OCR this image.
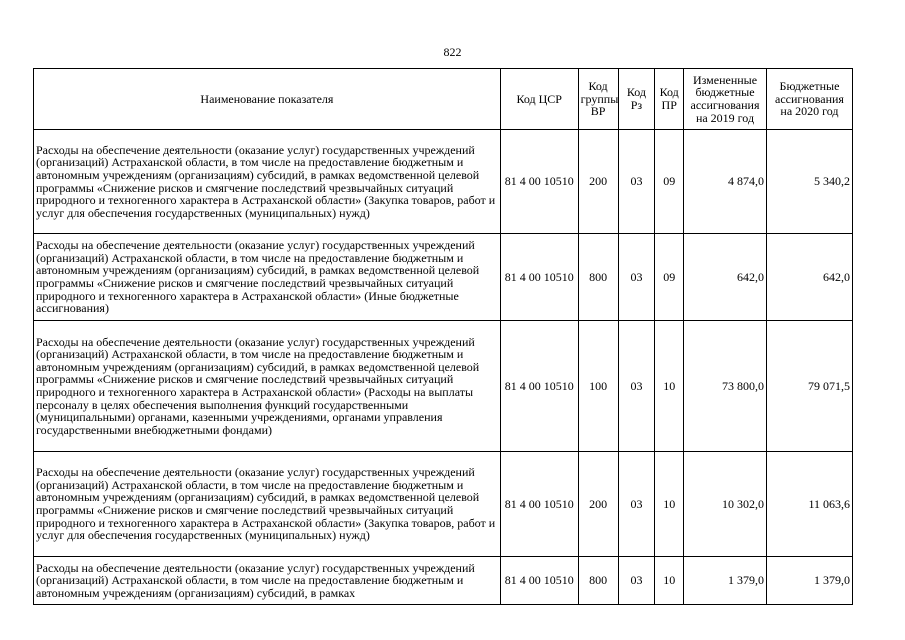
822
Наименование показателя	Код ЦСР	Код группы ВР	Код Рз	Код ПР	Измененные бюджетные ассигнования на 2019 год	Бюджетные ассигнования на 2020 год
Расходы на обеспечение деятельности (оказание услуг) государственных учреждений (организаций) Астраханской области, в том числе на предоставление бюджетным и автономным учреждениям (организациям) субсидий, в рамках ведомственной целевой программы «Снижение рисков и смягчение последствий чрезвычайных ситуаций природного и техногенного характера в Астраханской области» (Закупка товаров, работ и услуг для обеспечения государственных (муниципальных) нужд)	81 4 00 10510	200	03	09	4 874,0	5 340,2
Расходы на обеспечение деятельности (оказание услуг) государственных учреждений (организаций) Астраханской области, в том числе на предоставление бюджетным и автономным учреждениям (организациям) субсидий, в рамках ведомственной целевой программы «Снижение рисков и смягчение последствий чрезвычайных ситуаций природного и техногенного характера в Астраханской области» (Иные бюджетные ассигнования)	81 4 00 10510	800	03	09	642,0	642,0
Расходы на обеспечение деятельности (оказание услуг) государственных учреждений (организаций) Астраханской области, в том числе на предоставление бюджетным и автономным учреждениям (организациям) субсидий, в рамках ведомственной целевой программы «Снижение рисков и смягчение последствий чрезвычайных ситуаций природного и техногенного характера в Астраханской области» (Расходы на выплаты персоналу в целях обеспечения выполнения функций государственными (муниципальными) органами, казенными учреждениями, органами управления государственными внебюджетными фондами)	81 4 00 10510	100	03	10	73 800,0	79 071,5
Расходы на обеспечение деятельности (оказание услуг) государственных учреждений (организаций) Астраханской области, в том числе на предоставление бюджетным и автономным учреждениям (организациям) субсидий, в рамках ведомственной целевой программы «Снижение рисков и смягчение последствий чрезвычайных ситуаций природного и техногенного характера в Астраханской области» (Закупка товаров, работ и услуг для обеспечения государственных (муниципальных) нужд)	81 4 00 10510	200	03	10	10 302,0	11 063,6
Расходы на обеспечение деятельности (оказание услуг) государственных учреждений (организаций) Астраханской области, в том числе на предоставление бюджетным и автономным учреждениям (организациям) субсидий, в рамках	81 4 00 10510	800	03	10	1 379,0	1 379,0
